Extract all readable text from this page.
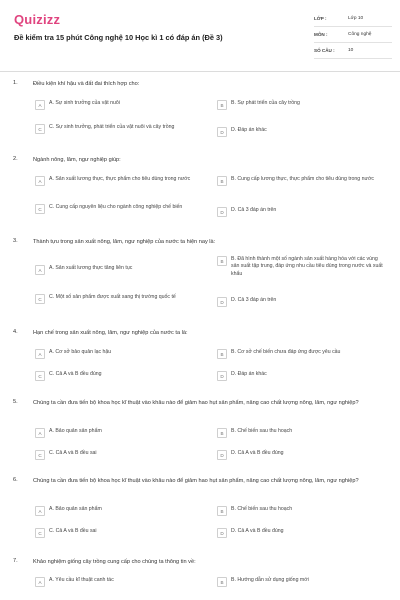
Quizizz
Đề kiểm tra 15 phút Công nghệ 10 Học kì 1 có đáp án (Đề 3)
LỚP :	Lớp 10
MÔN :	Công nghệ
SỐ CÂU :	10
1.	Điều kiện khí hậu và đất đai thích hợp cho:
A	A. Sự sinh trưởng của vật nuôi	B	B. Sự phát triển của cây trồng
C	C. Sự sinh trưởng, phát triển của vật nuôi và cây trồng
D	D. Đáp án khác
2.	Ngành nông, lâm, ngư nghiệp giúp:
A	A. Sản xuất lương thực, thực phẩm cho tiêu dùng trong nước	B	B. Cung cấp lương thực, thực phẩm cho tiêu dùng trong nước
C	C. Cung cấp nguyên liệu cho ngành công nghiệp chế biến
D	D. Cả 3 đáp án trên
3.	Thành tựu trong sản xuất nông, lâm, ngư nghiệp của nước ta hiện nay là:
A	A. Sản xuất lương thực tăng liên tục
B	B. Đã hình thành một số ngành sản xuất hàng hóa với các vùng sản xuất tập trung, đáp ứng nhu cầu tiêu dùng trong nước và xuất khẩu
C	C. Một số sản phẩm được xuất sang thị trường quốc tế
D	D. Cả 3 đáp án trên
4.	Hạn chế trong sản xuất nông, lâm, ngư nghiệp của nước ta là:
A	A. Cơ sở bảo quản lạc hậu	B	B. Cơ sở chế biến chưa đáp ứng được yêu cầu
C	C. Cả A và B đều đúng	D	D. Đáp án khác
5.	Chúng ta cần đưa tiến bộ khoa học kĩ thuật vào khâu nào để giảm hao hụt sản phẩm, nâng cao chất lượng nông, lâm, ngư nghiệp?
A	A. Bảo quản sản phẩm	B	B. Chế biến sau thu hoạch
C	C. Cả A và B đều sai	D	D. Cả A và B đều đúng
6.	Chúng ta cần đưa tiến bộ khoa học kĩ thuật vào khâu nào để giảm hao hụt sản phẩm, nâng cao chất lượng nông, lâm, ngư nghiệp?
A	A. Bảo quản sản phẩm	B	B. Chế biến sau thu hoạch
C	C. Cả A và B đều sai	D	D. Cả A và B đều đúng
7.	Khảo nghiệm giống cây trồng cung cấp cho chúng ta thông tin về:
A	A. Yêu cầu kĩ thuật canh tác	B	B. Hướng dẫn sử dụng giống mới
